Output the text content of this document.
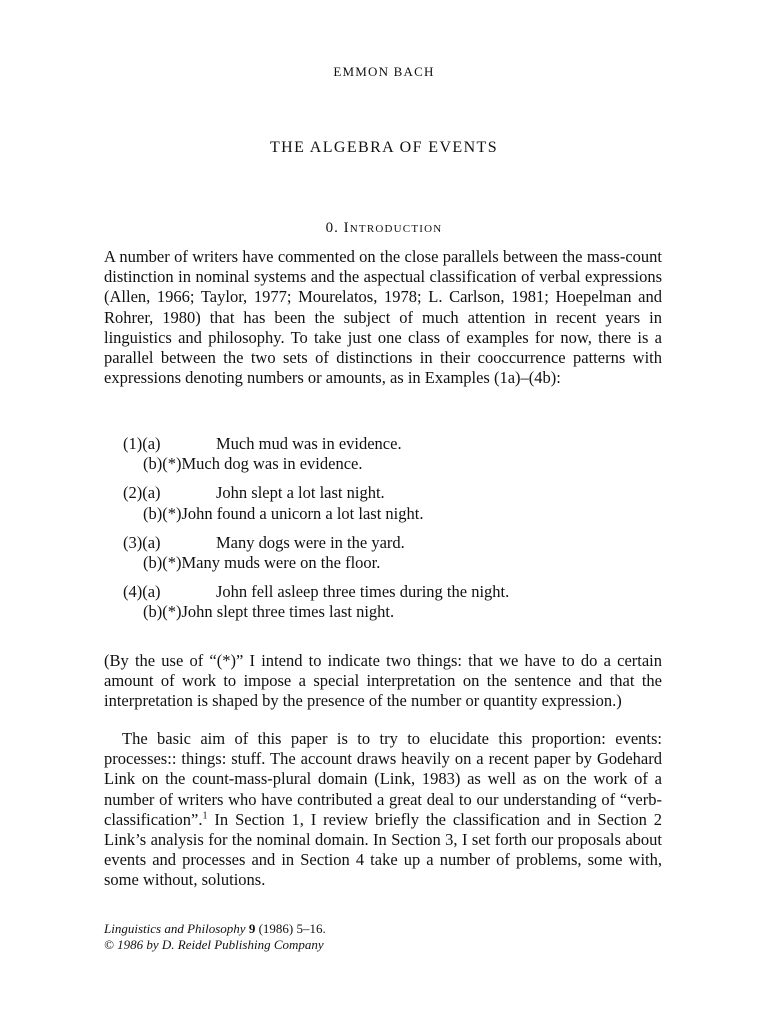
EMMON BACH
THE ALGEBRA OF EVENTS
0. Introduction

A number of writers have commented on the close parallels between the mass-count distinction in nominal systems and the aspectual classification of verbal expressions (Allen, 1966; Taylor, 1977; Mourelatos, 1978; L. Carlson, 1981; Hoepelman and Rohrer, 1980) that has been the subject of much attention in recent years in linguistics and philosophy. To take just one class of examples for now, there is a parallel between the two sets of distinctions in their cooccurrence patterns with expressions denoting numbers or amounts, as in Examples (1a)–(4b):

(1)(a)	Much mud was in evidence.
(b)(*)Much dog was in evidence.
(2)(a)	John slept a lot last night.
(b)(*)John found a unicorn a lot last night.
(3)(a)	Many dogs were in the yard.
(b)(*)Many muds were on the floor.
(4)(a)	John fell asleep three times during the night.
(b)(*)John slept three times last night.

(By the use of “(*)” I intend to indicate two things: that we have to do a certain amount of work to impose a special interpretation on the sentence and that the interpretation is shaped by the presence of the number or quantity expression.)

The basic aim of this paper is to try to elucidate this proportion: events: processes:: things: stuff. The account draws heavily on a recent paper by Godehard Link on the count-mass-plural domain (Link, 1983) as well as on the work of a number of writers who have contributed a great deal to our understanding of “verb-classification”.$^1$ In Section 1, I review briefly the classification and in Section 2 Link’s analysis for the nominal domain. In Section 3, I set forth our proposals about events and processes and in Section 4 take up a number of problems, some with, some without, solutions.

Linguistics and Philosophy 9 (1986) 5–16.
© 1986 by D. Reidel Publishing Company
